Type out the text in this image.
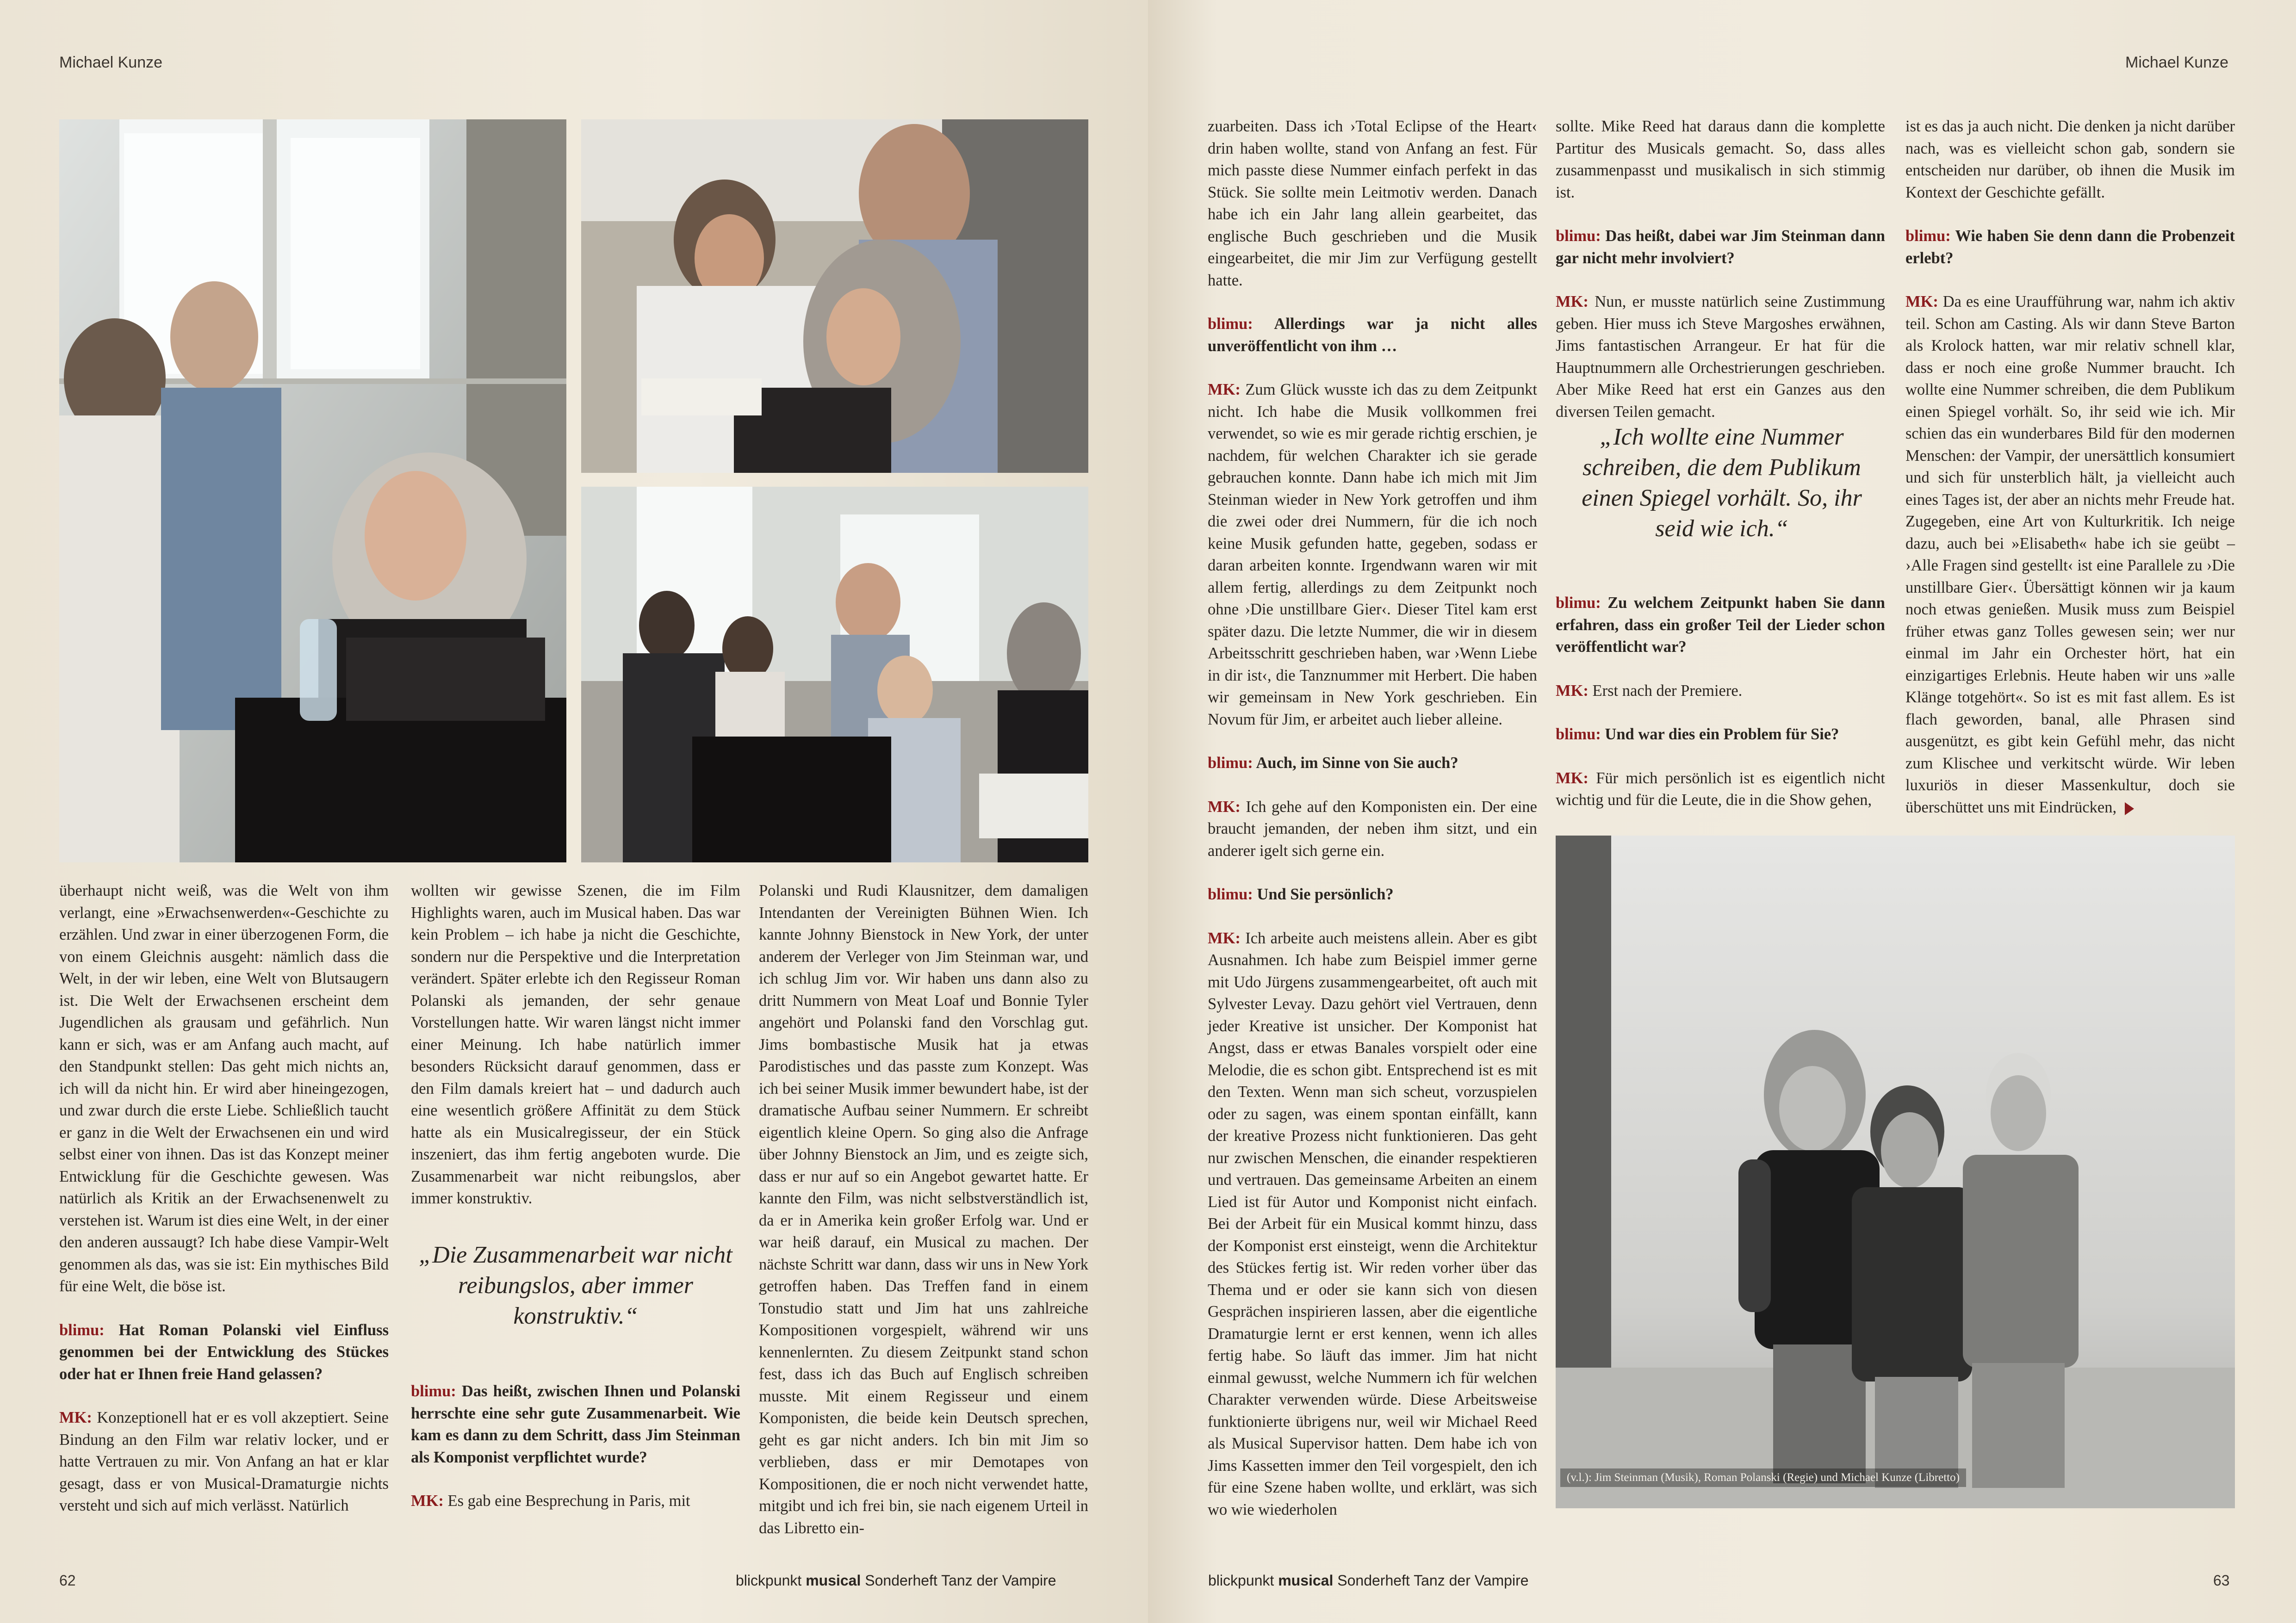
Michael Kunze

überhaupt nicht weiß, was die Welt von ihm verlangt, eine »Erwachsenwerden«-Geschichte zu erzählen. Und zwar in einer überzogenen Form, die von einem Gleichnis ausgeht: nämlich dass die Welt, in der wir leben, eine Welt von Blutsaugern ist. Die Welt der Erwachsenen erscheint dem Jugendlichen als grausam und gefährlich. Nun kann er sich, was er am Anfang auch macht, auf den Standpunkt stellen: Das geht mich nichts an, ich will da nicht hin. Er wird aber hineingezogen, und zwar durch die erste Liebe. Schließlich taucht er ganz in die Welt der Erwachsenen ein und wird selbst einer von ihnen. Das ist das Konzept meiner Entwicklung für die Geschichte gewesen. Was natürlich als Kritik an der Erwachsenenwelt zu verstehen ist. Warum ist dies eine Welt, in der einer den anderen aussaugt? Ich habe diese Vampir-Welt genommen als das, was sie ist: Ein mythisches Bild für eine Welt, die böse ist.

blimu: Hat Roman Polanski viel Einfluss genommen bei der Entwicklung des Stückes oder hat er Ihnen freie Hand gelassen?

MK: Konzeptionell hat er es voll akzeptiert. Seine Bindung an den Film war relativ locker, und er hatte Vertrauen zu mir. Von Anfang an hat er klar gesagt, dass er von Musical-Dramaturgie nichts versteht und sich auf mich verlässt. Natürlich

wollten wir gewisse Szenen, die im Film Highlights waren, auch im Musical haben. Das war kein Problem – ich habe ja nicht die Geschichte, sondern nur die Perspektive und die Interpretation verändert. Später erlebte ich den Regisseur Roman Polanski als jemanden, der sehr genaue Vorstellungen hatte. Wir waren längst nicht immer einer Meinung. Ich habe natürlich immer besonders Rücksicht darauf genommen, dass er den Film damals kreiert hat – und dadurch auch eine wesentlich größere Affinität zu dem Stück hatte als ein Musicalregisseur, der ein Stück inszeniert, das ihm fertig angeboten wurde. Die Zusammenarbeit war nicht reibungslos, aber immer konstruktiv.

„Die Zusammenarbeit war nicht reibungslos, aber immer konstruktiv.“

blimu: Das heißt, zwischen Ihnen und Polanski herrschte eine sehr gute Zusammenarbeit. Wie kam es dann zu dem Schritt, dass Jim Steinman als Komponist verpflichtet wurde?

MK: Es gab eine Besprechung in Paris, mit

Polanski und Rudi Klausnitzer, dem damaligen Intendanten der Vereinigten Bühnen Wien. Ich kannte Johnny Bienstock in New York, der unter anderem der Verleger von Jim Steinman war, und ich schlug Jim vor. Wir haben uns dann also zu dritt Nummern von Meat Loaf und Bonnie Tyler angehört und Polanski fand den Vorschlag gut. Jims bombastische Musik hat ja etwas Parodistisches und das passte zum Konzept. Was ich bei seiner Musik immer bewundert habe, ist der dramatische Aufbau seiner Nummern. Er schreibt eigentlich kleine Opern. So ging also die Anfrage über Johnny Bienstock an Jim, und es zeigte sich, dass er nur auf so ein Angebot gewartet hatte. Er kannte den Film, was nicht selbstverständlich ist, da er in Amerika kein großer Erfolg war. Und er war heiß darauf, ein Musical zu machen. Der nächste Schritt war dann, dass wir uns in New York getroffen haben. Das Treffen fand in einem Tonstudio statt und Jim hat uns zahlreiche Kompositionen vorgespielt, während wir uns kennenlernten. Zu diesem Zeitpunkt stand schon fest, dass ich das Buch auf Englisch schreiben musste. Mit einem Regisseur und einem Komponisten, die beide kein Deutsch sprechen, geht es gar nicht anders. Ich bin mit Jim so verblieben, dass er mir Demotapes von Kompositionen, die er noch nicht verwendet hatte, mitgibt und ich frei bin, sie nach eigenem Urteil in das Libretto ein-

62	blickpunkt musical Sonderheft Tanz der Vampire
Michael Kunze

zuarbeiten. Dass ich ›Total Eclipse of the Heart‹ drin haben wollte, stand von Anfang an fest. Für mich passte diese Nummer einfach perfekt in das Stück. Sie sollte mein Leitmotiv werden. Danach habe ich ein Jahr lang allein gearbeitet, das englische Buch geschrieben und die Musik eingearbeitet, die mir Jim zur Verfügung gestellt hatte.

blimu: Allerdings war ja nicht alles unveröffentlicht von ihm …

MK: Zum Glück wusste ich das zu dem Zeitpunkt nicht. Ich habe die Musik vollkommen frei verwendet, so wie es mir gerade richtig erschien, je nachdem, für welchen Charakter ich sie gerade gebrauchen konnte. Dann habe ich mich mit Jim Steinman wieder in New York getroffen und ihm die zwei oder drei Nummern, für die ich noch keine Musik gefunden hatte, gegeben, sodass er daran arbeiten konnte. Irgendwann waren wir mit allem fertig, allerdings zu dem Zeitpunkt noch ohne ›Die unstillbare Gier‹. Dieser Titel kam erst später dazu. Die letzte Nummer, die wir in diesem Arbeitsschritt geschrieben haben, war ›Wenn Liebe in dir ist‹, die Tanznummer mit Herbert. Die haben wir gemeinsam in New York geschrieben. Ein Novum für Jim, er arbeitet auch lieber alleine.

blimu: Auch, im Sinne von Sie auch?

MK: Ich gehe auf den Komponisten ein. Der eine braucht jemanden, der neben ihm sitzt, und ein anderer igelt sich gerne ein.

blimu: Und Sie persönlich?

MK: Ich arbeite auch meistens allein. Aber es gibt Ausnahmen. Ich habe zum Beispiel immer gerne mit Udo Jürgens zusammengearbeitet, oft auch mit Sylvester Levay. Dazu gehört viel Vertrauen, denn jeder Kreative ist unsicher. Der Komponist hat Angst, dass er etwas Banales vorspielt oder eine Melodie, die es schon gibt. Entsprechend ist es mit den Texten. Wenn man sich scheut, vorzuspielen oder zu sagen, was einem spontan einfällt, kann der kreative Prozess nicht funktionieren. Das geht nur zwischen Menschen, die einander respektieren und vertrauen. Das gemeinsame Arbeiten an einem Lied ist für Autor und Komponist nicht einfach. Bei der Arbeit für ein Musical kommt hinzu, dass der Komponist erst einsteigt, wenn die Architektur des Stückes fertig ist. Wir reden vorher über das Thema und er oder sie kann sich von diesen Gesprächen inspirieren lassen, aber die eigentliche Dramaturgie lernt er erst kennen, wenn ich alles fertig habe. So läuft das immer. Jim hat nicht einmal gewusst, welche Nummern ich für welchen Charakter verwenden würde. Diese Arbeitsweise funktionierte übrigens nur, weil wir Michael Reed als Musical Supervisor hatten. Dem habe ich von Jims Kassetten immer den Teil vorgespielt, den ich für eine Szene haben wollte, und erklärt, was sich wo wie wiederholen

sollte. Mike Reed hat daraus dann die komplette Partitur des Musicals gemacht. So, dass alles zusammenpasst und musikalisch in sich stimmig ist.

blimu: Das heißt, dabei war Jim Steinman dann gar nicht mehr involviert?

MK: Nun, er musste natürlich seine Zustimmung geben. Hier muss ich Steve Margoshes erwähnen, Jims fantastischen Arrangeur. Er hat für die Hauptnummern alle Orchestrierungen geschrieben. Aber Mike Reed hat erst ein Ganzes aus den diversen Teilen gemacht.

„Ich wollte eine Nummer schreiben, die dem Publikum einen Spiegel vorhält. So, ihr seid wie ich.“

blimu: Zu welchem Zeitpunkt haben Sie dann erfahren, dass ein großer Teil der Lieder schon veröffentlicht war?

MK: Erst nach der Premiere.

blimu: Und war dies ein Problem für Sie?

MK: Für mich persönlich ist es eigentlich nicht wichtig und für die Leute, die in die Show gehen,

ist es das ja auch nicht. Die denken ja nicht darüber nach, was es vielleicht schon gab, sondern sie entscheiden nur darüber, ob ihnen die Musik im Kontext der Geschichte gefällt.

blimu: Wie haben Sie denn dann die Probenzeit erlebt?

MK: Da es eine Uraufführung war, nahm ich aktiv teil. Schon am Casting. Als wir dann Steve Barton als Krolock hatten, war mir relativ schnell klar, dass er noch eine große Nummer braucht. Ich wollte eine Nummer schreiben, die dem Publikum einen Spiegel vorhält. So, ihr seid wie ich. Mir schien das ein wunderbares Bild für den modernen Menschen: der Vampir, der unersättlich konsumiert und sich für unsterblich hält, ja vielleicht auch eines Tages ist, der aber an nichts mehr Freude hat. Zugegeben, eine Art von Kulturkritik. Ich neige dazu, auch bei »Elisabeth« habe ich sie geübt – ›Alle Fragen sind gestellt‹ ist eine Parallele zu ›Die unstillbare Gier‹. Übersättigt können wir ja kaum noch etwas genießen. Musik muss zum Beispiel früher etwas ganz Tolles gewesen sein; wer nur einmal im Jahr ein Orchester hört, hat ein einzigartiges Erlebnis. Heute haben wir uns »alle Klänge totgehört«. So ist es mit fast allem. Es ist flach geworden, banal, alle Phrasen sind ausgenützt, es gibt kein Gefühl mehr, das nicht zum Klischee und verkitscht würde. Wir leben luxuriös in dieser Massenkultur, doch sie überschüttet uns mit Eindrücken,

(v.l.): Jim Steinman (Musik), Roman Polanski (Regie) und Michael Kunze (Libretto)
blickpunkt musical Sonderheft Tanz der Vampire	63
